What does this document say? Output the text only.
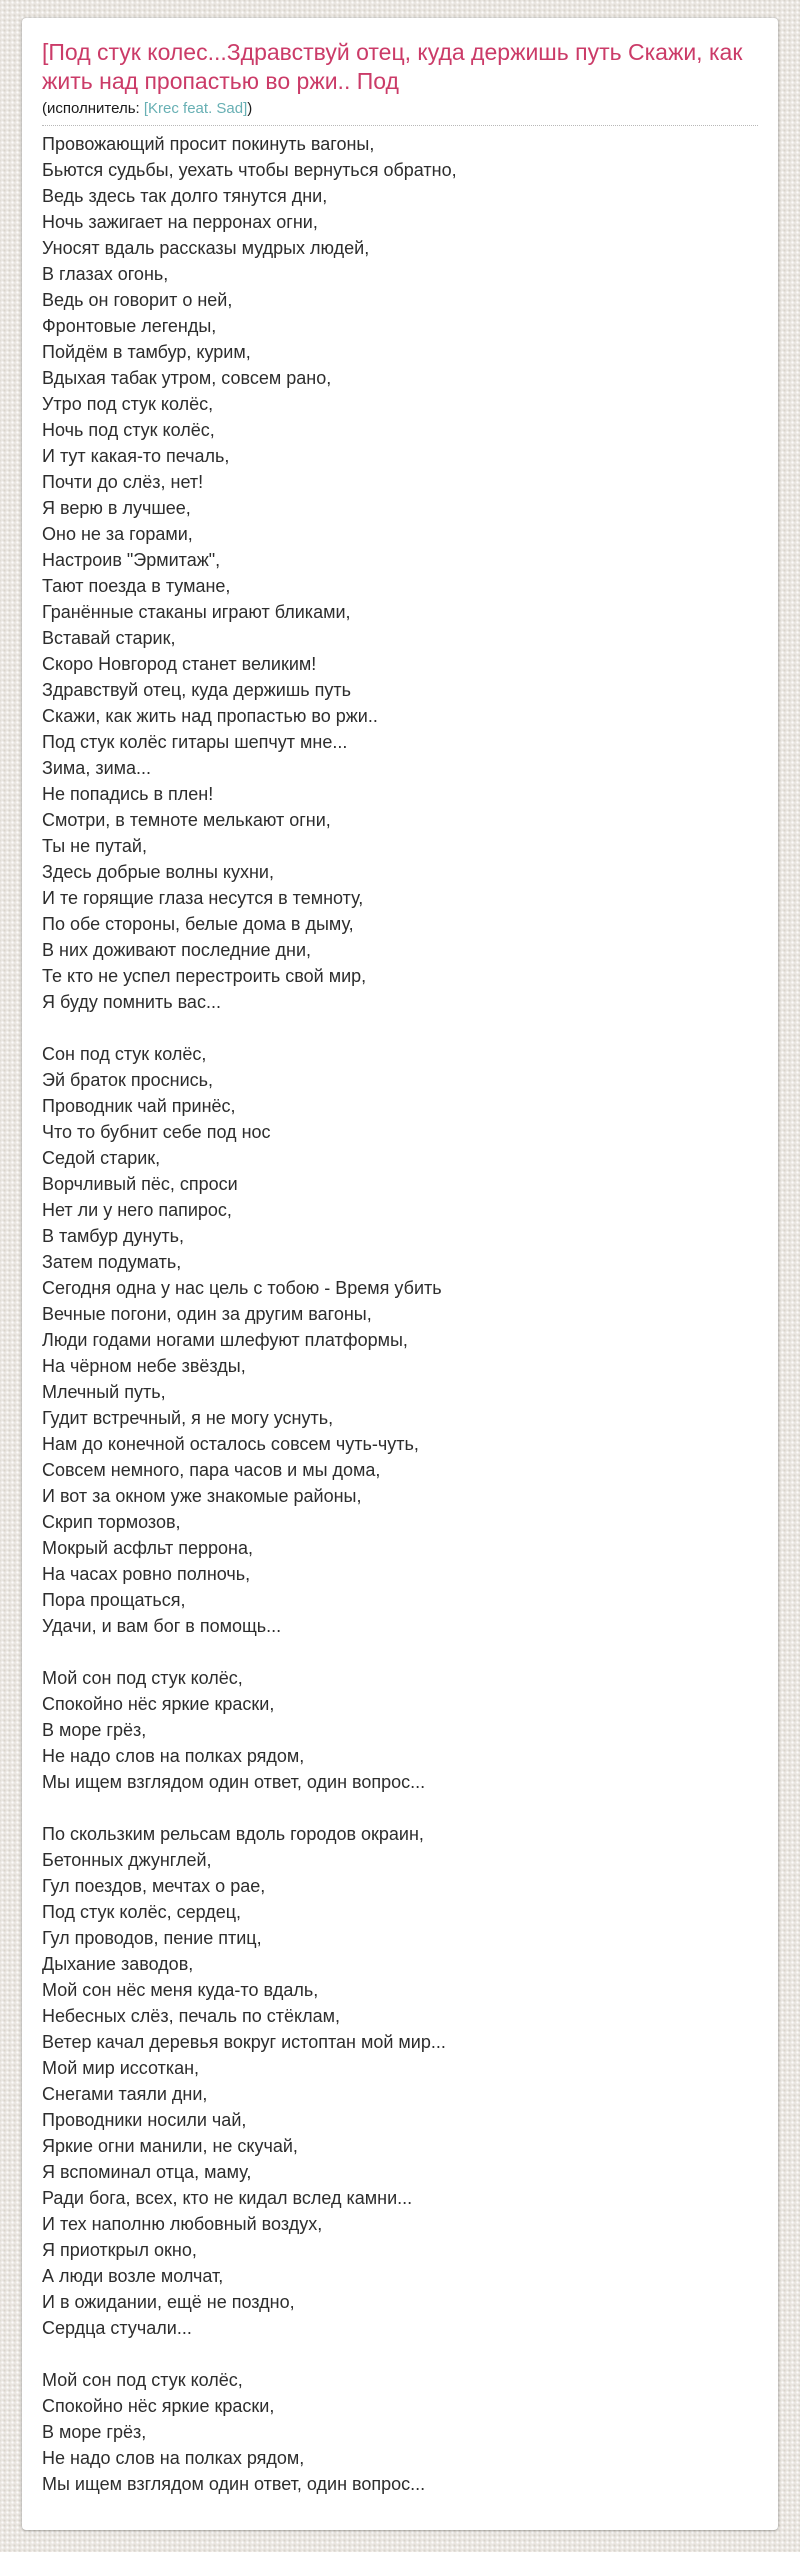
[Под стук колес...Здравствуй отец, куда держишь путь Скажи, как жить над пропастью во ржи.. Под
(исполнитель: [Krec feat. Sad])
Провожающий просит покинуть вагоны,
Бьются судьбы, уехать чтобы вернуться обратно,
Ведь здесь так долго тянутся дни,
Ночь зажигает на перронах огни,
Уносят вдаль рассказы мудрых людей,
В глазах огонь,
Ведь он говорит о ней,
Фронтовые легенды,
Пойдём в тамбур, курим,
Вдыхая табак утром, совсем рано,
Утро под стук колёс,
Ночь под стук колёс,
И тут какая-то печаль,
Почти до слёз, нет!
Я верю в лучшее,
Оно не за горами,
Настроив "Эрмитаж",
Тают поезда в тумане,
Гранённые стаканы играют бликами,
Вставай старик,
Скоро Новгород станет великим!
Здравствуй отец, куда держишь путь
Скажи, как жить над пропастью во ржи..
Под стук колёс гитары шепчут мне...
Зима, зима...
Не попадись в плен!
Смотри, в темноте мелькают огни,
Ты не путай,
Здесь добрые волны кухни,
И те горящие глаза несутся в темноту,
По обе стороны, белые дома в дыму,
В них доживают последние дни,
Те кто не успел перестроить свой мир,
Я буду помнить вас...
Сон под стук колёс,
Эй браток проснись,
Проводник чай принёс,
Что то бубнит себе под нос
Седой старик,
Ворчливый пёс, спроси
Нет ли у него папирос,
В тамбур дунуть,
Затем подумать,
Сегодня одна у нас цель с тобою - Время убить
Вечные погони, один за другим вагоны,
Люди годами ногами шлефуют платформы,
На чёрном небе звёзды,
Млечный путь,
Гудит встречный, я не могу уснуть,
Нам до конечной осталось совсем чуть-чуть,
Совсем немного, пара часов и мы дома,
И вот за окном уже знакомые районы,
Скрип тормозов,
Мокрый асфльт перрона,
На часах ровно полночь,
Пора прощаться,
Удачи, и вам бог в помощь...
Мой сон под стук колёс,
Спокойно нёс яркие краски,
В море грёз,
Не надо слов на полках рядом,
Мы ищем взглядом один ответ, один вопрос...
По скользким рельсам вдоль городов окраин,
Бетонных джунглей,
Гул поездов, мечтах о рае,
Под стук колёс, сердец,
Гул проводов, пение птиц,
Дыхание заводов,
Мой сон нёс меня куда-то вдаль,
Небесных слёз, печаль по стёклам,
Ветер качал деревья вокруг истоптан мой мир...
Мой мир иссоткан,
Снегами таяли дни,
Проводники носили чай,
Яркие огни манили, не скучай,
Я вспоминал отца, маму,
Ради бога, всех, кто не кидал вслед камни...
И тех наполню любовный воздух,
Я приоткрыл окно,
А люди возле молчат,
И в ожидании, ещё не поздно,
Сердца стучали...
Мой сон под стук колёс,
Спокойно нёс яркие краски,
В море грёз,
Не надо слов на полках рядом,
Мы ищем взглядом один ответ, один вопрос...
